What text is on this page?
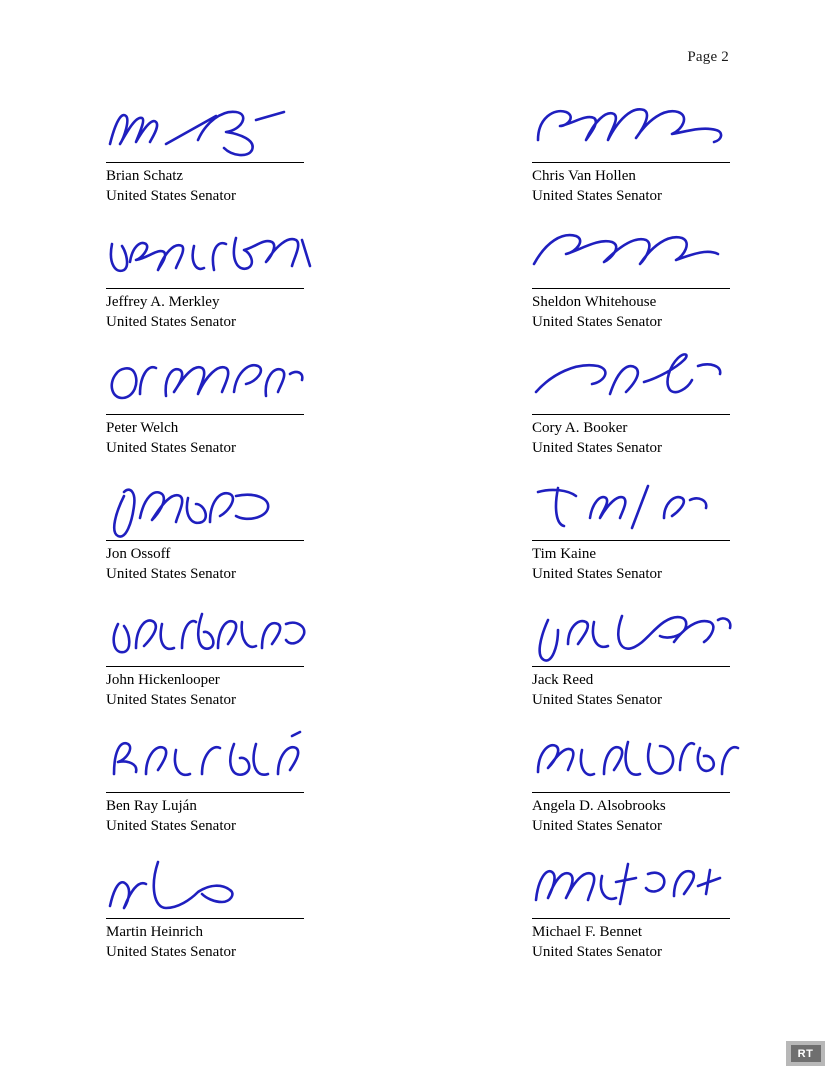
Page 2
Brian Schatz
United States Senator
Chris Van Hollen
United States Senator
Jeffrey A. Merkley
United States Senator
Sheldon Whitehouse
United States Senator
Peter Welch
United States Senator
Cory A. Booker
United States Senator
Jon Ossoff
United States Senator
Tim Kaine
United States Senator
John Hickenlooper
United States Senator
Jack Reed
United States Senator
Ben Ray Luján
United States Senator
Angela D. Alsobrooks
United States Senator
Martin Heinrich
United States Senator
Michael F. Bennet
United States Senator
RT
